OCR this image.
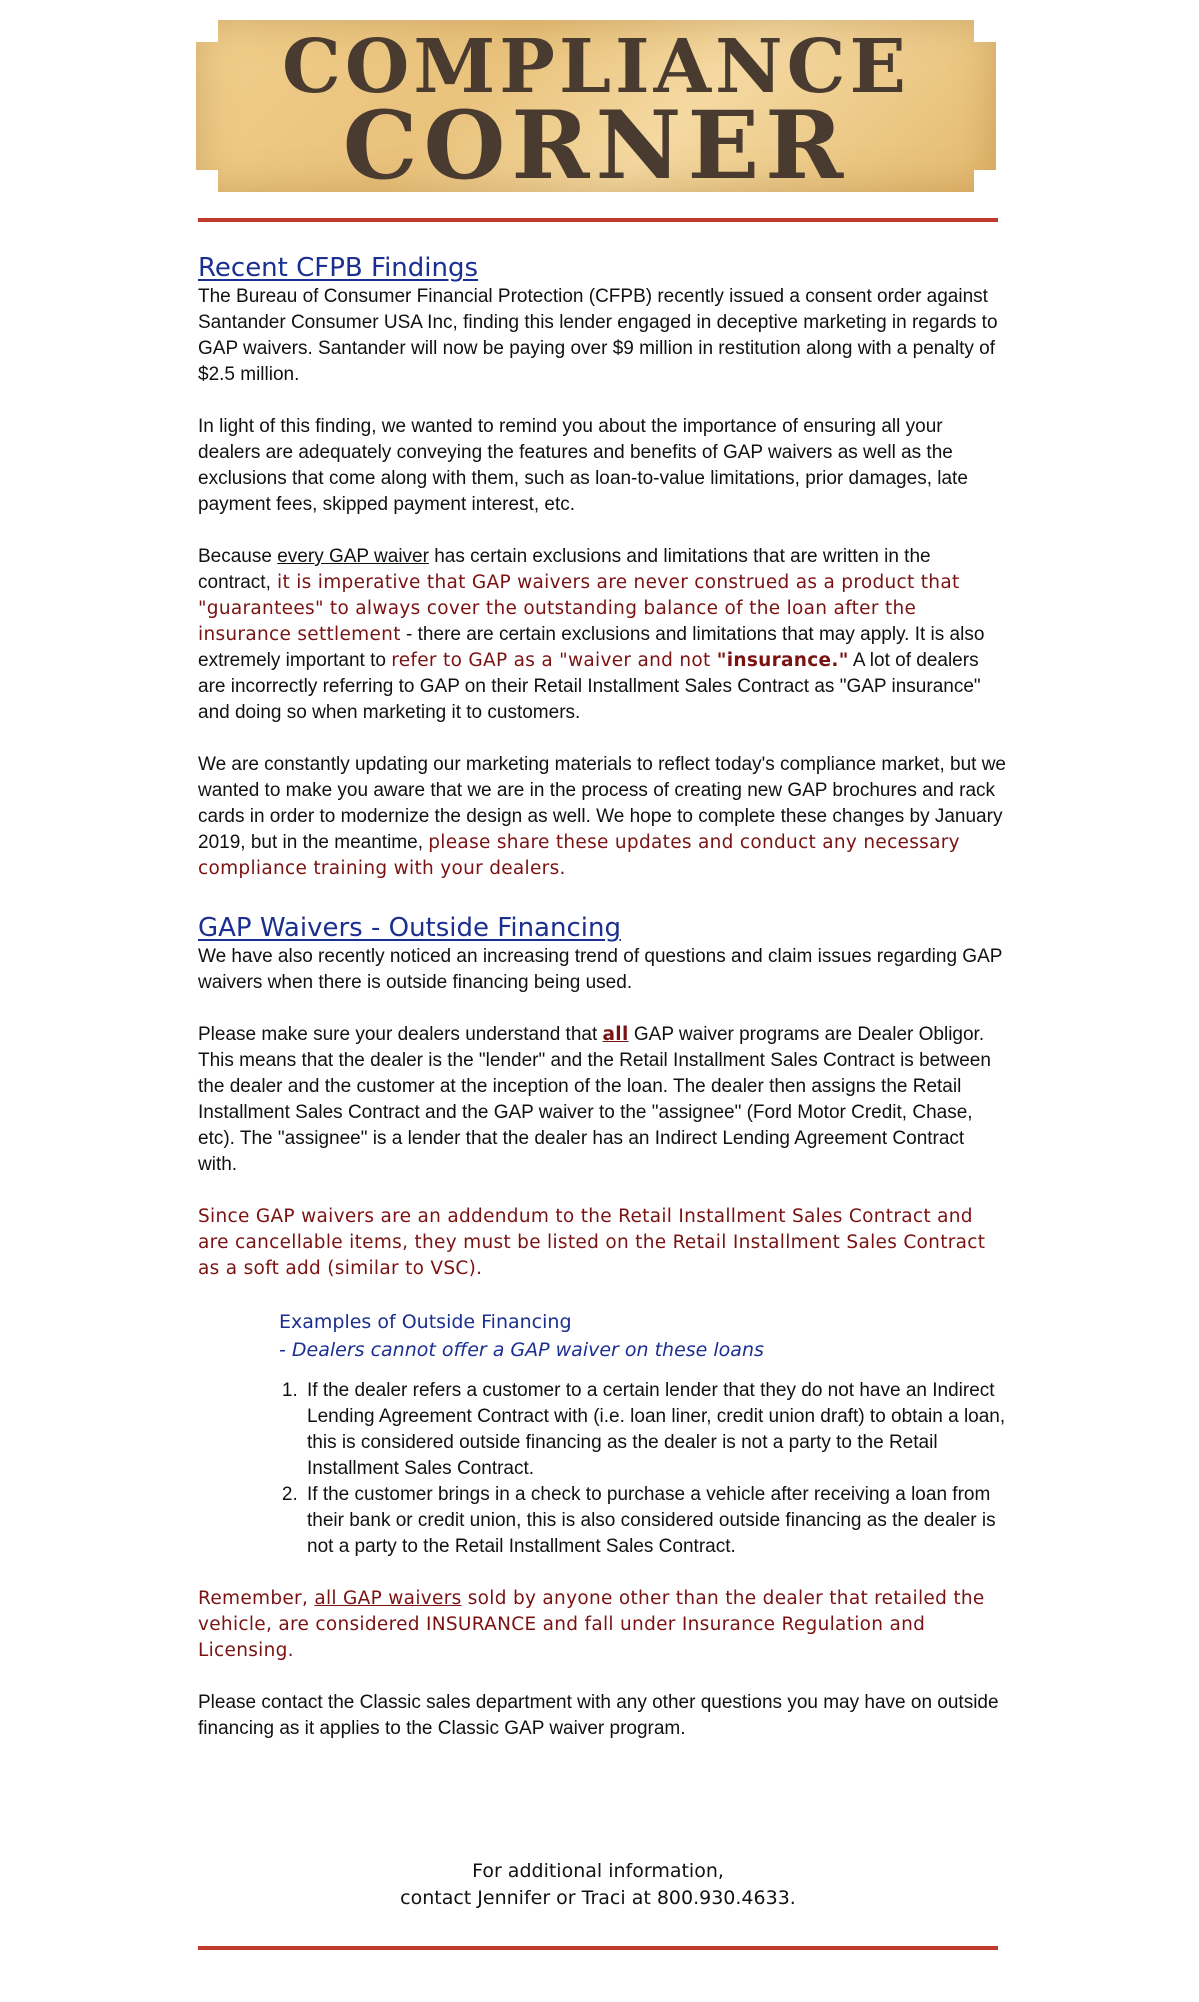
COMPLIANCE
CORNER
Recent CFPB Findings

The Bureau of Consumer Financial Protection (CFPB) recently issued a consent order against Santander Consumer USA Inc, finding this lender engaged in deceptive marketing in regards to GAP waivers. Santander will now be paying over $9 million in restitution along with a penalty of $2.5 million.

In light of this finding, we wanted to remind you about the importance of ensuring all your dealers are adequately conveying the features and benefits of GAP waivers as well as the exclusions that come along with them, such as loan-to-value limitations, prior damages, late payment fees, skipped payment interest, etc.

Because every GAP waiver has certain exclusions and limitations that are written in the contract, it is imperative that GAP waivers are never construed as a product that "guarantees" to always cover the outstanding balance of the loan after the insurance settlement - there are certain exclusions and limitations that may apply. It is also extremely important to refer to GAP as a "waiver and not "insurance." A lot of dealers are incorrectly referring to GAP on their Retail Installment Sales Contract as "GAP insurance" and doing so when marketing it to customers.

We are constantly updating our marketing materials to reflect today's compliance market, but we wanted to make you aware that we are in the process of creating new GAP brochures and rack cards in order to modernize the design as well. We hope to complete these changes by January 2019, but in the meantime, please share these updates and conduct any necessary compliance training with your dealers.

GAP Waivers - Outside Financing

We have also recently noticed an increasing trend of questions and claim issues regarding GAP waivers when there is outside financing being used.

Please make sure your dealers understand that all GAP waiver programs are Dealer Obligor. This means that the dealer is the "lender" and the Retail Installment Sales Contract is between the dealer and the customer at the inception of the loan. The dealer then assigns the Retail Installment Sales Contract and the GAP waiver to the "assignee" (Ford Motor Credit, Chase, etc). The "assignee" is a lender that the dealer has an Indirect Lending Agreement Contract with.

Since GAP waivers are an addendum to the Retail Installment Sales Contract and are cancellable items, they must be listed on the Retail Installment Sales Contract as a soft add (similar to VSC).

Examples of Outside Financing
- Dealers cannot offer a GAP waiver on these loans
1. If the dealer refers a customer to a certain lender that they do not have an Indirect Lending Agreement Contract with (i.e. loan liner, credit union draft) to obtain a loan, this is considered outside financing as the dealer is not a party to the Retail Installment Sales Contract.
2. If the customer brings in a check to purchase a vehicle after receiving a loan from their bank or credit union, this is also considered outside financing as the dealer is not a party to the Retail Installment Sales Contract.

Remember, all GAP waivers sold by anyone other than the dealer that retailed the vehicle, are considered INSURANCE and fall under Insurance Regulation and Licensing.

Please contact the Classic sales department with any other questions you may have on outside financing as it applies to the Classic GAP waiver program.

For additional information,
contact Jennifer or Traci at 800.930.4633.
